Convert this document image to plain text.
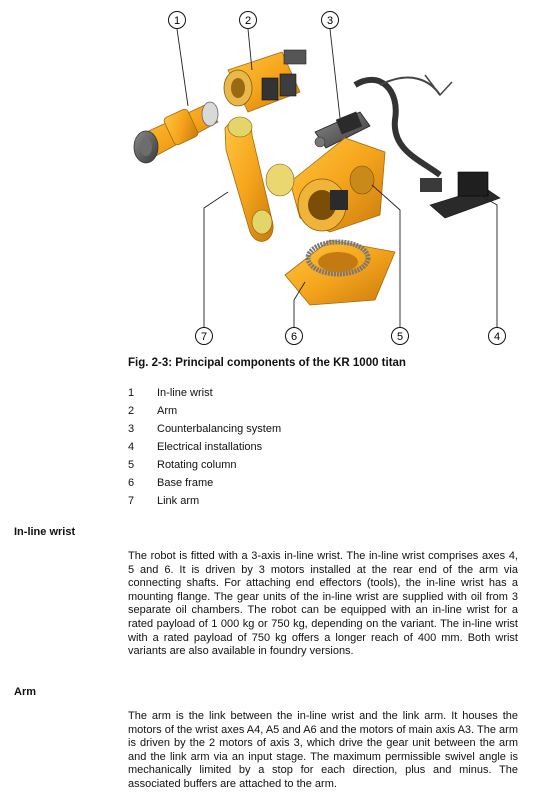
1	2	3
4
5
6
7
Fig. 2-3: Principal components of the KR 1000 titan
1	In-line wrist
2	Arm
3	Counterbalancing system
4	Electrical installations
5	Rotating column
6	Base frame
7	Link arm
In-line wrist
The robot is fitted with a 3-axis in-line wrist. The in-line wrist comprises axes 4, 5 and 6. It is driven by 3 motors installed at the rear end of the arm via connecting shafts. For attaching end effectors (tools), the in-line wrist has a mounting flange. The gear units of the in-line wrist are supplied with oil from 3 separate oil chambers. The robot can be equipped with an in-line wrist for a rated payload of 1 000 kg or 750 kg, depending on the variant. The in-line wrist with a rated payload of 750 kg offers a longer reach of 400 mm. Both wrist variants are also available in foundry versions.
Arm
The arm is the link between the in-line wrist and the link arm. It houses the motors of the wrist axes A4, A5 and A6 and the motors of main axis A3. The arm is driven by the 2 motors of axis 3, which drive the gear unit between the arm and the link arm via an input stage. The maximum permissible swivel angle is mechanically limited by a stop for each direction, plus and minus. The associated buffers are attached to the arm.
